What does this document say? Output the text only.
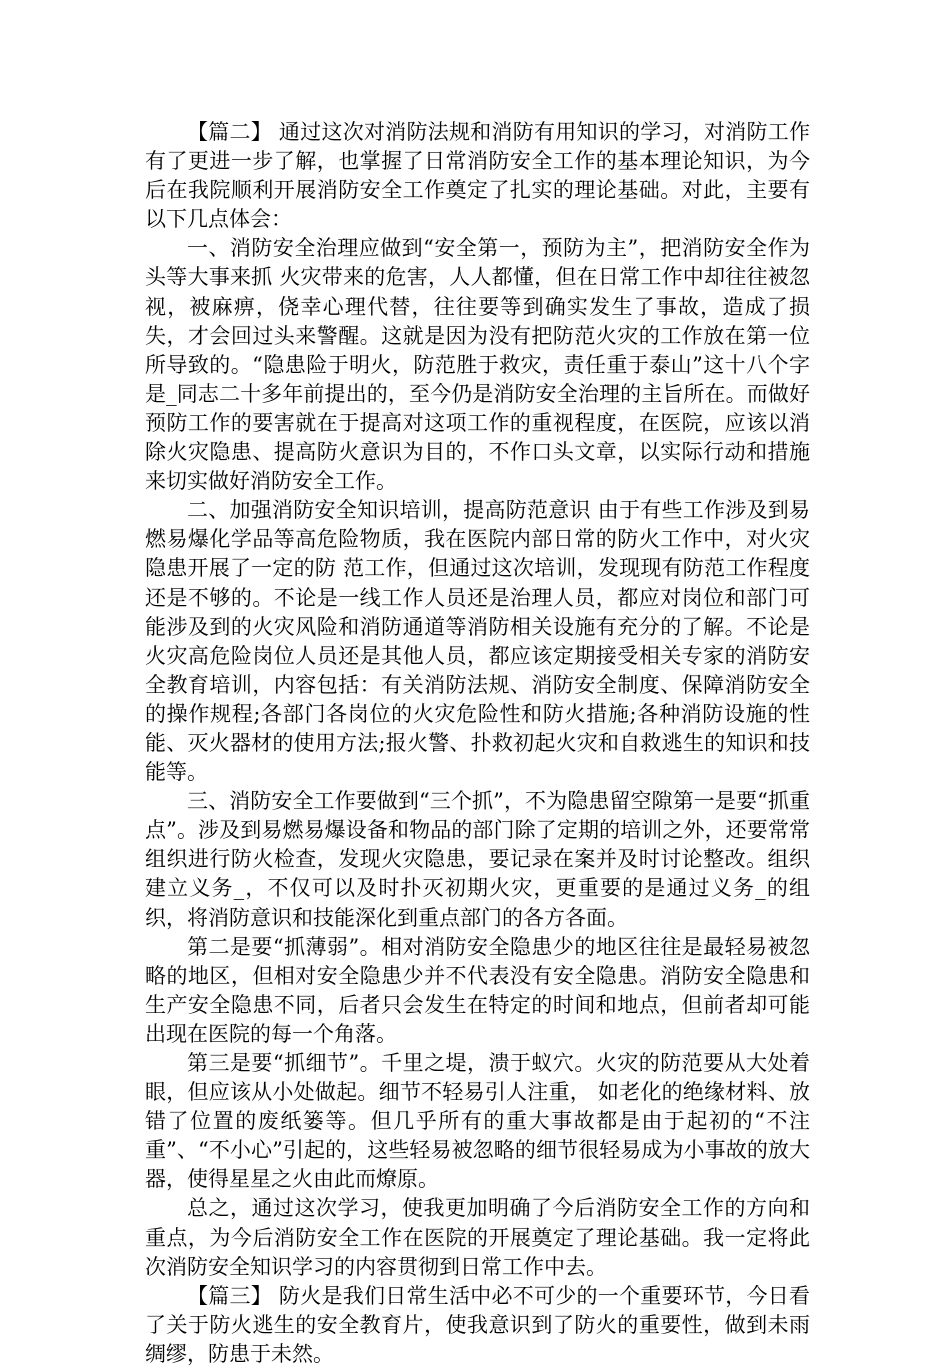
【篇二】 通过这次对消防法规和消防有用知识的学习，对消防工作有了更进一步了解，也掌握了日常消防安全工作的基本理论知识，为今后在我院顺利开展消防安全工作奠定了扎实的理论基础。对此，主要有以下几点体会：

一、消防安全治理应做到“安全第一，预防为主”，把消防安全作为头等大事来抓 火灾带来的危害，人人都懂，但在日常工作中却往往被忽视，被麻痹，侥幸心理代替，往往要等到确实发生了事故，造成了损失，才会回过头来警醒。这就是因为没有把防范火灾的工作放在第一位所导致的。“隐患险于明火，防范胜于救灾，责任重于泰山”这十八个字是_同志二十多年前提出的，至今仍是消防安全治理的主旨所在。而做好预防工作的要害就在于提高对这项工作的重视程度，在医院，应该以消除火灾隐患、提高防火意识为目的，不作口头文章，以实际行动和措施来切实做好消防安全工作。

二、加强消防安全知识培训，提高防范意识 由于有些工作涉及到易燃易爆化学品等高危险物质，我在医院内部日常的防火工作中，对火灾隐患开展了一定的防 范工作，但通过这次培训，发现现有防范工作程度还是不够的。不论是一线工作人员还是治理人员，都应对岗位和部门可能涉及到的火灾风险和消防通道等消防相关设施有充分的了解。不论是火灾高危险岗位人员还是其他人员，都应该定期接受相关专家的消防安全教育培训，内容包括：有关消防法规、消防安全制度、保障消防安全的操作规程;各部门各岗位的火灾危险性和防火措施;各种消防设施的性能、灭火器材的使用方法;报火警、扑救初起火灾和自救逃生的知识和技能等。

三、消防安全工作要做到“三个抓”，不为隐患留空隙第一是要“抓重点”。涉及到易燃易爆设备和物品的部门除了定期的培训之外，还要常常组织进行防火检查，发现火灾隐患，要记录在案并及时讨论整改。组织建立义务_，不仅可以及时扑灭初期火灾，更重要的是通过义务_的组织，将消防意识和技能深化到重点部门的各方各面。

第二是要“抓薄弱”。相对消防安全隐患少的地区往往是最轻易被忽略的地区，但相对安全隐患少并不代表没有安全隐患。消防安全隐患和生产安全隐患不同，后者只会发生在特定的时间和地点，但前者却可能出现在医院的每一个角落。

第三是要“抓细节”。千里之堤，溃于蚁穴。火灾的防范要从大处着眼，但应该从小处做起。细节不轻易引人注重， 如老化的绝缘材料、放错了位置的废纸篓等。但几乎所有的重大事故都是由于起初的“不注重”、“不小心”引起的，这些轻易被忽略的细节很轻易成为小事故的放大器，使得星星之火由此而燎原。

总之，通过这次学习，使我更加明确了今后消防安全工作的方向和重点，为今后消防安全工作在医院的开展奠定了理论基础。我一定将此次消防安全知识学习的内容贯彻到日常工作中去。

【篇三】 防火是我们日常生活中必不可少的一个重要环节，今日看了关于防火逃生的安全教育片，使我意识到了防火的重要性，做到未雨绸缪，防患于未然。
